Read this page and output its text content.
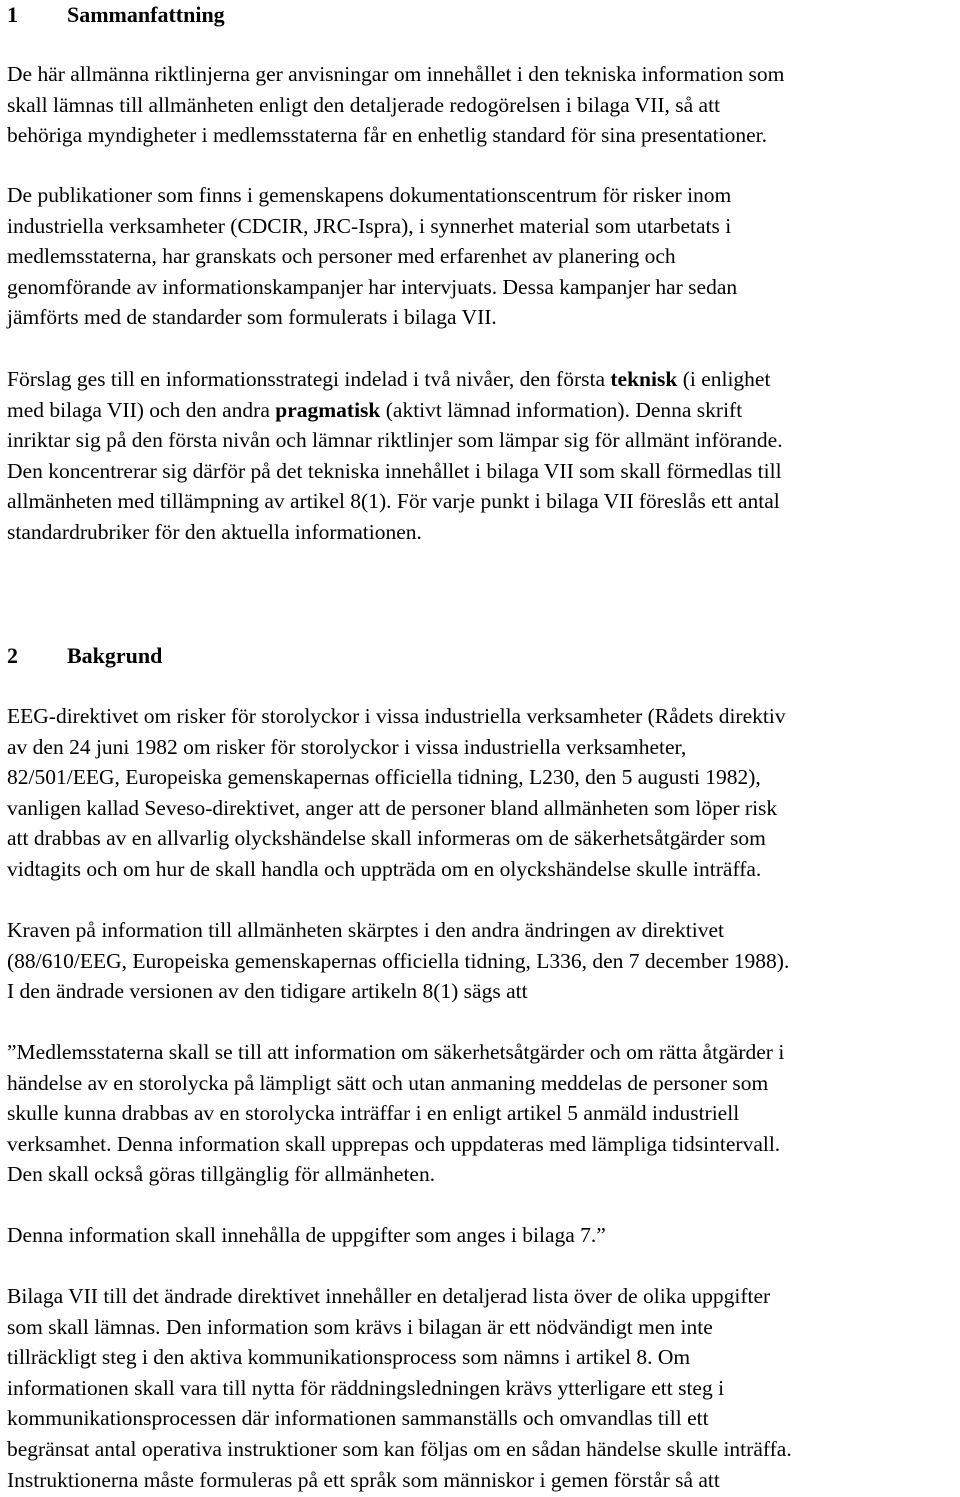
1 Sammanfattning
De här allmänna riktlinjerna ger anvisningar om innehållet i den tekniska information som
skall lämnas till allmänheten enligt den detaljerade redogörelsen i bilaga VII, så att
behöriga myndigheter i medlemsstaterna får en enhetlig standard för sina presentationer.
De publikationer som finns i gemenskapens dokumentationscentrum för risker inom
industriella verksamheter (CDCIR, JRC-Ispra), i synnerhet material som utarbetats i
medlemsstaterna, har granskats och personer med erfarenhet av planering och
genomförande av informationskampanjer har intervjuats. Dessa kampanjer har sedan
jämförts med de standarder som formulerats i bilaga VII.
Förslag ges till en informationsstrategi indelad i två nivåer, den första teknisk (i enlighet
med bilaga VII) och den andra pragmatisk (aktivt lämnad information). Denna skrift
inriktar sig på den första nivån och lämnar riktlinjer som lämpar sig för allmänt införande.
Den koncentrerar sig därför på det tekniska innehållet i bilaga VII som skall förmedlas till
allmänheten med tillämpning av artikel 8(1). För varje punkt i bilaga VII föreslås ett antal
standardrubriker för den aktuella informationen.
2 Bakgrund
EEG-direktivet om risker för storolyckor i vissa industriella verksamheter (Rådets direktiv
av den 24 juni 1982 om risker för storolyckor i vissa industriella verksamheter,
82/501/EEG, Europeiska gemenskapernas officiella tidning, L230, den 5 augusti 1982),
vanligen kallad Seveso-direktivet, anger att de personer bland allmänheten som löper risk
att drabbas av en allvarlig olyckshändelse skall informeras om de säkerhetsåtgärder som
vidtagits och om hur de skall handla och uppträda om en olyckshändelse skulle inträffa.
Kraven på information till allmänheten skärptes i den andra ändringen av direktivet
(88/610/EEG, Europeiska gemenskapernas officiella tidning, L336, den 7 december 1988).
I den ändrade versionen av den tidigare artikeln 8(1) sägs att
”Medlemsstaterna skall se till att information om säkerhetsåtgärder och om rätta åtgärder i
händelse av en storolycka på lämpligt sätt och utan anmaning meddelas de personer som
skulle kunna drabbas av en storolycka inträffar i en enligt artikel 5 anmäld industriell
verksamhet. Denna information skall upprepas och uppdateras med lämpliga tidsintervall.
Den skall också göras tillgänglig för allmänheten.
Denna information skall innehålla de uppgifter som anges i bilaga 7.”
Bilaga VII till det ändrade direktivet innehåller en detaljerad lista över de olika uppgifter
som skall lämnas. Den information som krävs i bilagan är ett nödvändigt men inte
tillräckligt steg i den aktiva kommunikationsprocess som nämns i artikel 8. Om
informationen skall vara till nytta för räddningsledningen krävs ytterligare ett steg i
kommunikationsprocessen där informationen sammanställs och omvandlas till ett
begränsat antal operativa instruktioner som kan följas om en sådan händelse skulle inträffa.
Instruktionerna måste formuleras på ett språk som människor i gemen förstår så att
